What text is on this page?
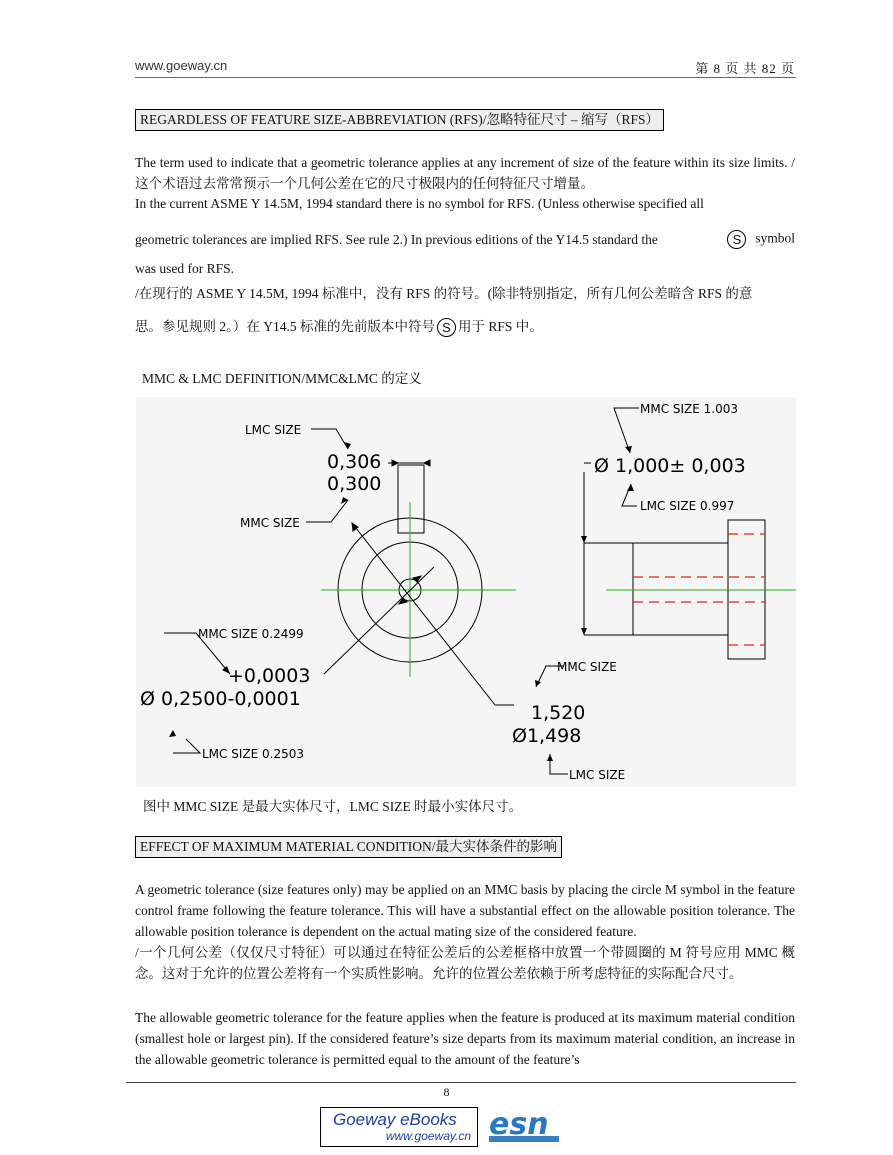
www.goeway.cn	第 8 页 共 82 页
REGARDLESS OF FEATURE SIZE-ABBREVIATION (RFS)/忽略特征尺寸 – 缩写（RFS）
The term used to indicate that a geometric tolerance applies at any increment of size of the feature within its size limits. /这个术语过去常常预示一个几何公差在它的尺寸极限内的任何特征尺寸增量。
In the current ASME Y 14.5M, 1994 standard there is no symbol for RFS. (Unless otherwise specified all
geometric tolerances are implied RFS. See rule 2.) In previous editions of the Y14.5 standard the	S symbol
was used for RFS.
/在现行的 ASME Y 14.5M, 1994 标准中，没有 RFS 的符号。(除非特别指定，所有几何公差暗含 RFS 的意
思。参见规则 2。）在 Y14.5 标准的先前版本中符号 S 用于 RFS 中。
MMC & LMC DEFINITION/MMC&LMC 的定义
LMC SIZE
0,306
0,300
MMC SIZE
MMC SIZE 0.2499
+0,0003
Ø 0,2500-0,0001
LMC SIZE 0.2503
MMC SIZE 1.003
Ø 1,000± 0,003
LMC SIZE 0.997
MMC SIZE
1,520
Ø1,498
LMC SIZE
图中 MMC SIZE 是最大实体尺寸，LMC SIZE 时最小实体尺寸。
EFFECT OF MAXIMUM MATERIAL CONDITION/最大实体条件的影响
A geometric tolerance (size features only) may be applied on an MMC basis by placing the circle M symbol in the feature control frame following the feature tolerance. This will have a substantial effect on the allowable position tolerance. The allowable position tolerance is dependent on the actual mating size of the considered feature.
/一个几何公差（仅仅尺寸特征）可以通过在特征公差后的公差框格中放置一个带圆圈的 M 符号应用 MMC 概念。这对于允许的位置公差将有一个实质性影响。允许的位置公差依赖于所考虑特征的实际配合尺寸。
The allowable geometric tolerance for the feature applies when the feature is produced at its maximum material condition (smallest hole or largest pin). If the considered feature’s size departs from its maximum material condition, an increase in the allowable geometric tolerance is permitted equal to the amount of the feature’s
8
Goeway eBooks
www.goeway.cn esn
